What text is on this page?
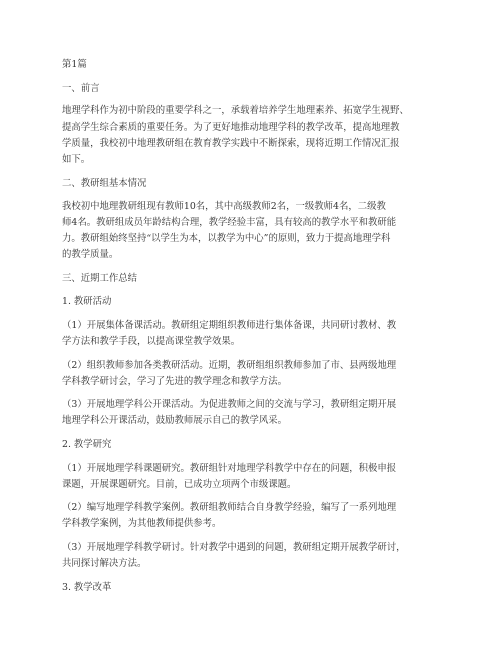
第1篇
一、前言
地理学科作为初中阶段的重要学科之一，承载着培养学生地理素养、拓宽学生视野、
提高学生综合素质的重要任务。为了更好地推动地理学科的教学改革，提高地理教
学质量，我校初中地理教研组在教育教学实践中不断探索，现将近期工作情况汇报
如下。
二、教研组基本情况
我校初中地理教研组现有教师10名，其中高级教师2名，一级教师4名，二级教
师4名。教研组成员年龄结构合理，教学经验丰富，具有较高的教学水平和教研能
力。教研组始终坚持“以学生为本，以教学为中心”的原则，致力于提高地理学科
的教学质量。
三、近期工作总结
1. 教研活动
（1）开展集体备课活动。教研组定期组织教师进行集体备课，共同研讨教材、教
学方法和教学手段，以提高课堂教学效果。
（2）组织教师参加各类教研活动。近期，教研组组织教师参加了市、县两级地理
学科教学研讨会，学习了先进的教学理念和教学方法。
（3）开展地理学科公开课活动。为促进教师之间的交流与学习，教研组定期开展
地理学科公开课活动，鼓励教师展示自己的教学风采。
2. 教学研究
（1）开展地理学科课题研究。教研组针对地理学科教学中存在的问题，积极申报
课题，开展课题研究。目前，已成功立项两个市级课题。
（2）编写地理学科教学案例。教研组教师结合自身教学经验，编写了一系列地理
学科教学案例，为其他教师提供参考。
（3）开展地理学科教学研讨。针对教学中遇到的问题，教研组定期开展教学研讨，
共同探讨解决方法。
3. 教学改革
